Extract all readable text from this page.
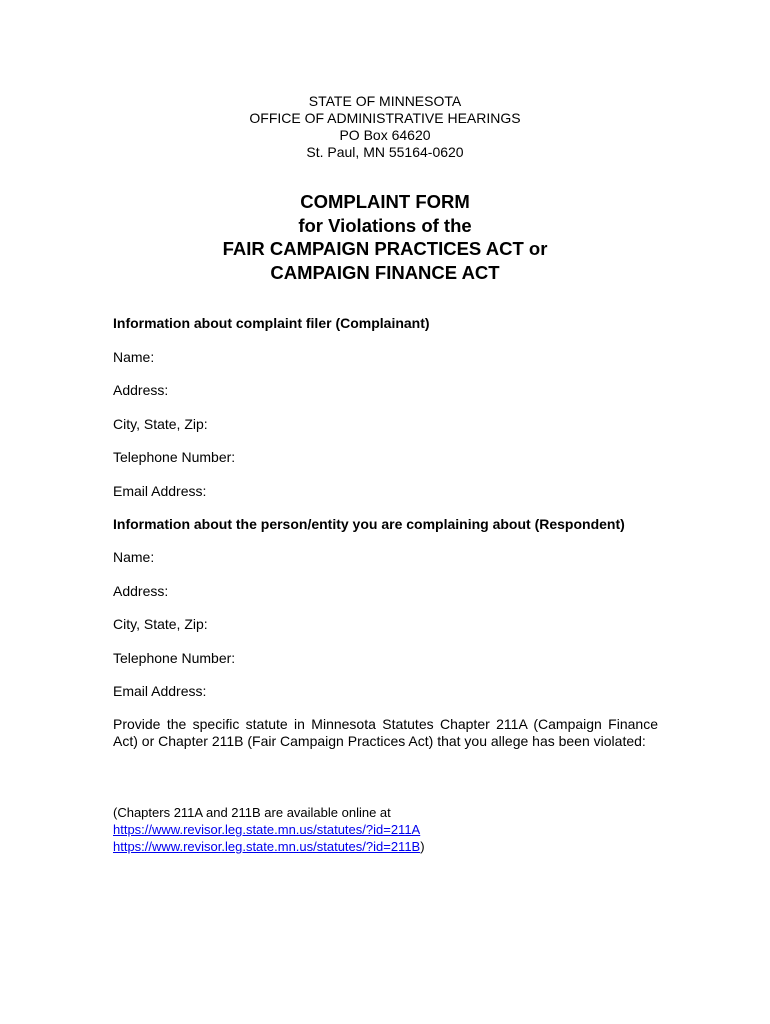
STATE OF MINNESOTA
OFFICE OF ADMINISTRATIVE HEARINGS
PO Box 64620
St. Paul, MN 55164-0620
COMPLAINT FORM
for Violations of the
FAIR CAMPAIGN PRACTICES ACT or
CAMPAIGN FINANCE ACT
Information about complaint filer (Complainant)
Name:
Address:
City, State, Zip:
Telephone Number:
Email Address:
Information about the person/entity you are complaining about (Respondent)
Name:
Address:
City, State, Zip:
Telephone Number:
Email Address:
Provide the specific statute in Minnesota Statutes Chapter 211A (Campaign Finance Act) or Chapter 211B (Fair Campaign Practices Act) that you allege has been violated:
(Chapters 211A and 211B are available online at
https://www.revisor.leg.state.mn.us/statutes/?id=211A
https://www.revisor.leg.state.mn.us/statutes/?id=211B)
